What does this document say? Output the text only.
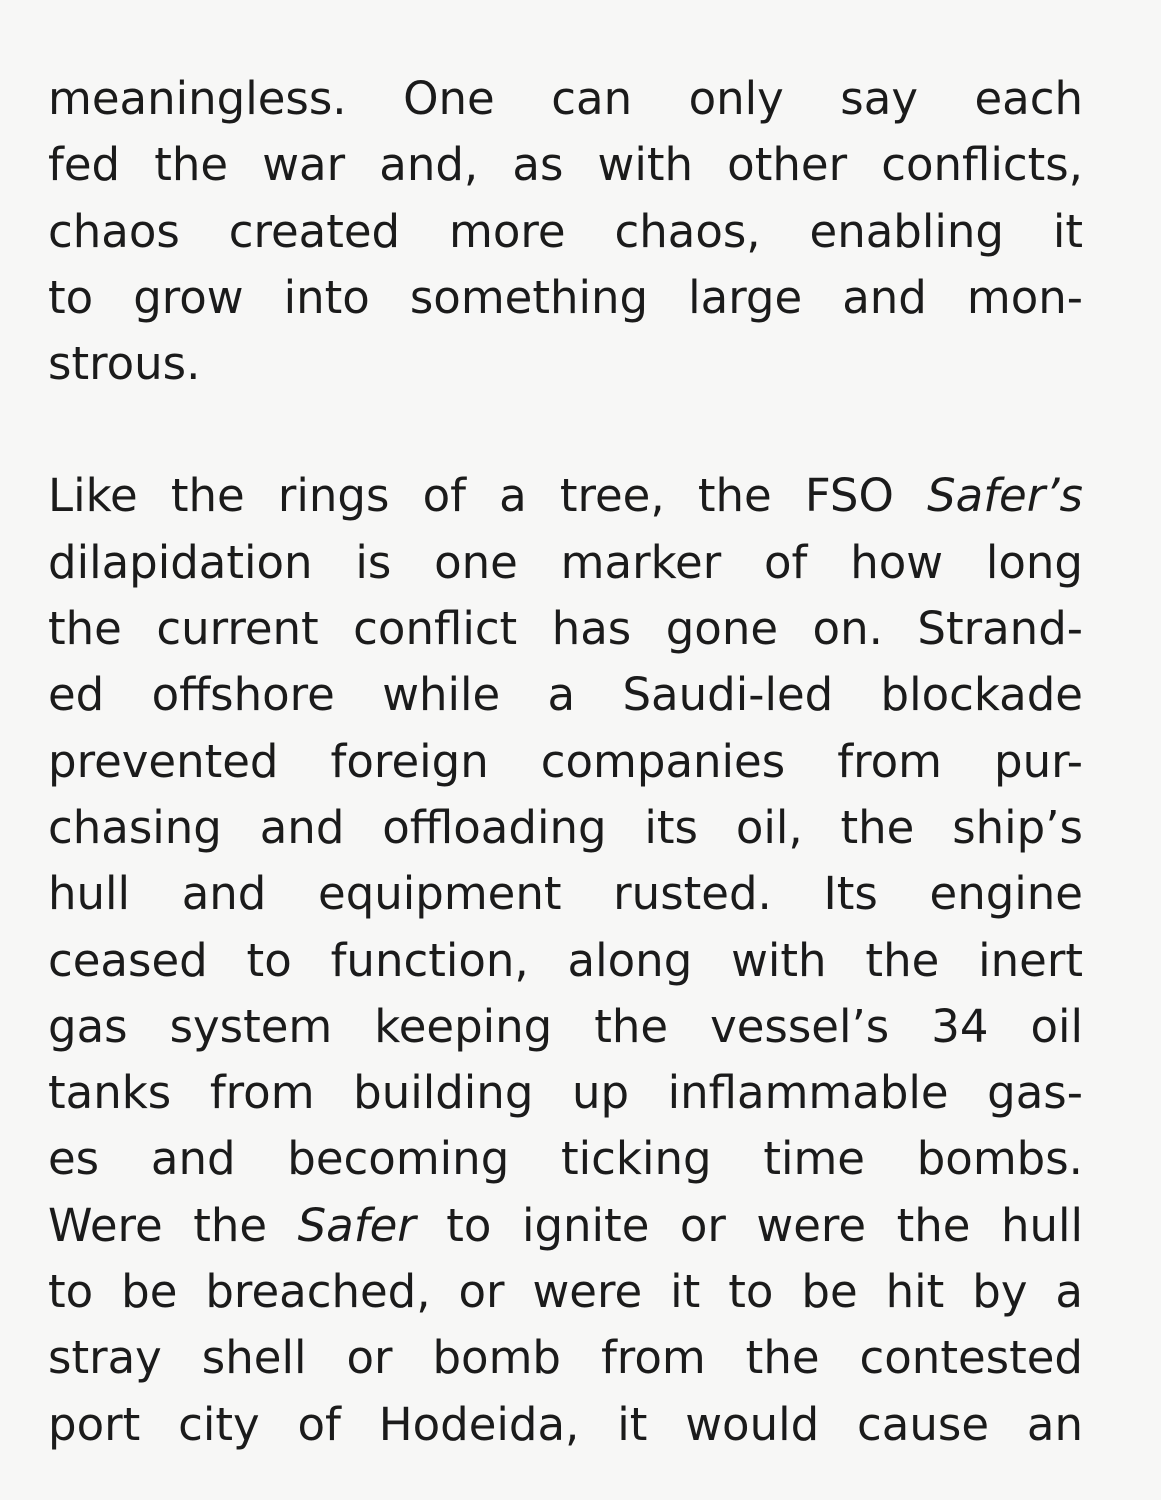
meaningless. One can only say each
fed the war and, as with other conflicts,
chaos created more chaos, enabling it
to grow into something large and mon-
strous.

Like the rings of a tree, the FSO Safer’s
dilapidation is one marker of how long
the current conflict has gone on. Strand-
ed offshore while a Saudi-led blockade
prevented foreign companies from pur-
chasing and offloading its oil, the ship’s
hull and equipment rusted. Its engine
ceased to function, along with the inert
gas system keeping the vessel’s 34 oil
tanks from building up inflammable gas-
es and becoming ticking time bombs.
Were the Safer to ignite or were the hull
to be breached, or were it to be hit by a
stray shell or bomb from the contested
port city of Hodeida, it would cause an
